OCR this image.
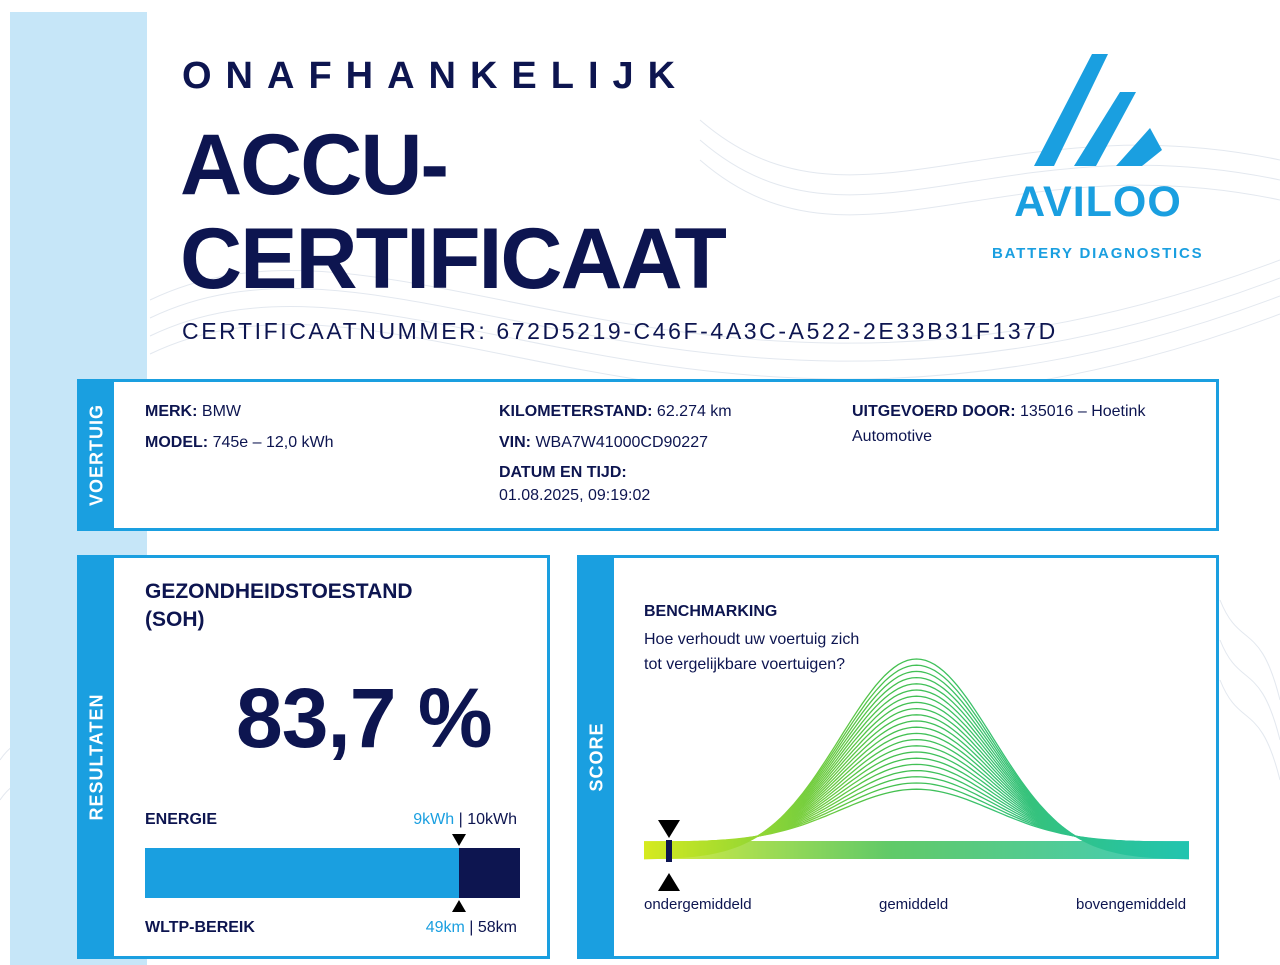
ONAFHANKELIJK
ACCU-
CERTIFICAAT
CERTIFICAATNUMMER: 672D5219-C46F-4A3C-A522-2E33B31F137D
AVILOO
BATTERY DIAGNOSTICS
VOERTUIG MERK: BMW
MODEL: 745e – 12,0 kWh
KILOMETERSTAND: 62.274 km
VIN: WBA7W41000CD90227
DATUM EN TIJD:
01.08.2025, 09:19:02
UITGEVOERD DOOR: 135016 – Hoetink
Automotive
RESULTATEN
GEZONDHEIDSTOESTAND
(SOH)
83,7 %
ENERGIE	9kWh | 10kWh
WLTP-BEREIK	49km | 58km
SCORE
BENCHMARKING
Hoe verhoudt uw voertuig zich tot vergelijkbare voertuigen?
ondergemiddeld	gemiddeld	bovengemiddeld
